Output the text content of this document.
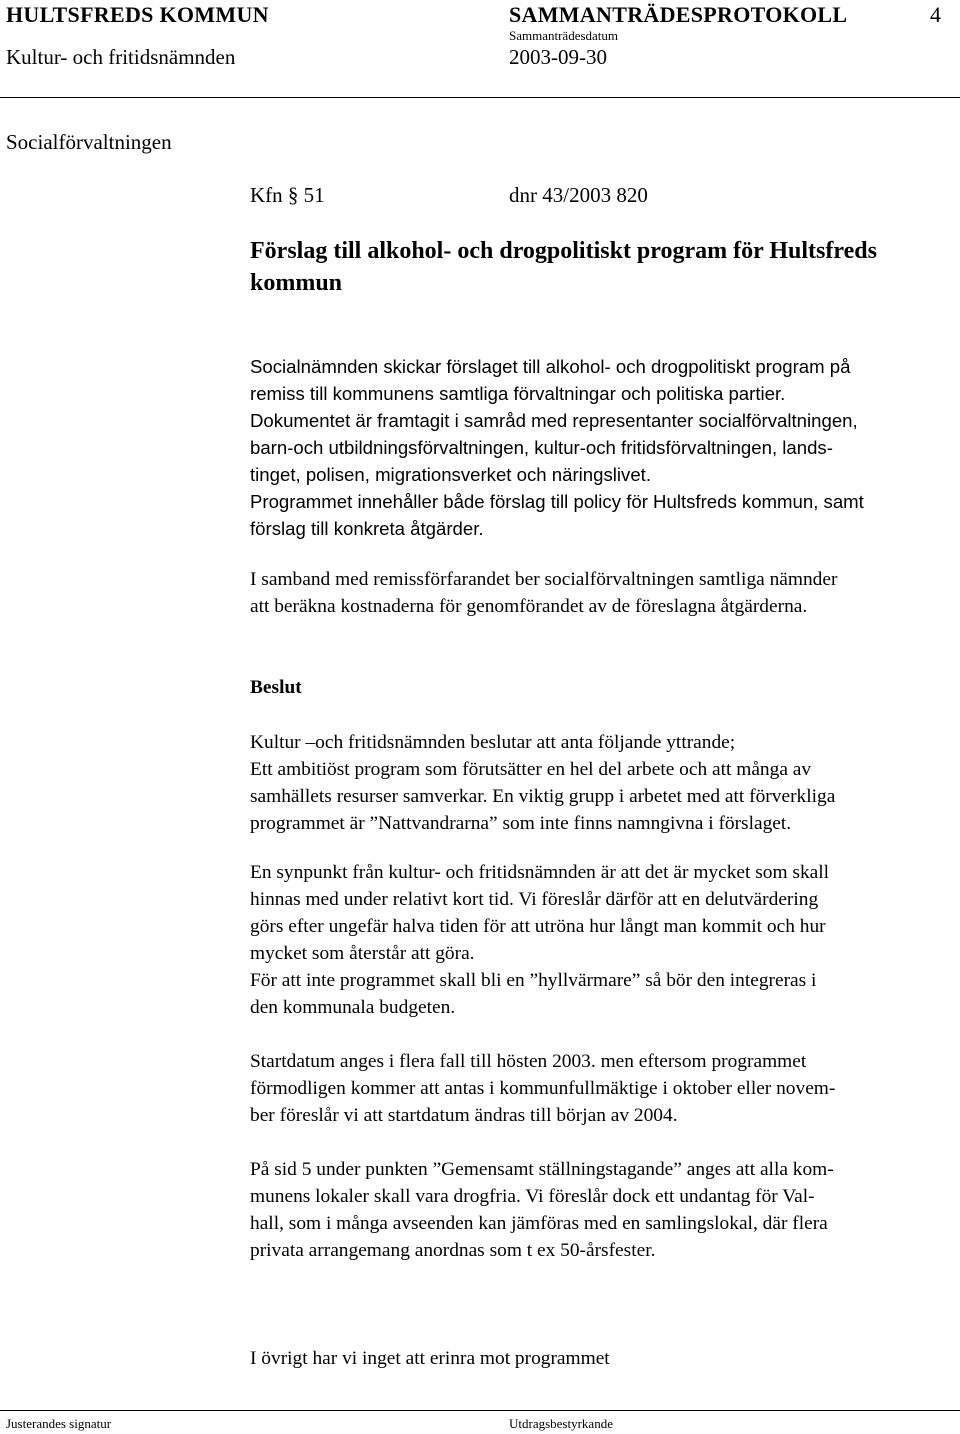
HULTSFREDS KOMMUN	SAMMANTRÄDESPROTOKOLL	4
Sammanträdesdatum
Kultur- och fritidsnämnden	2003-09-30
Socialförvaltningen
Kfn § 51	dnr 43/2003 820
Förslag till alkohol- och drogpolitiskt program för Hultsfreds
kommun
Socialnämnden skickar förslaget till alkohol- och drogpolitiskt program på
remiss till kommunens samtliga förvaltningar och politiska partier.
Dokumentet är framtagit i samråd med representanter socialförvaltningen,
barn-och utbildningsförvaltningen, kultur-och fritidsförvaltningen, lands-
tinget, polisen, migrationsverket och näringslivet.
Programmet innehåller både förslag till policy för Hultsfreds kommun, samt
förslag till konkreta åtgärder.
I samband med remissförfarandet ber socialförvaltningen samtliga nämnder
att beräkna kostnaderna för genomförandet av de föreslagna åtgärderna.
Beslut
Kultur –och fritidsnämnden beslutar att anta följande yttrande;
Ett ambitiöst program som förutsätter en hel del arbete och att många av
samhällets resurser samverkar. En viktig grupp i arbetet med att förverkliga
programmet är ”Nattvandrarna” som inte finns namngivna i förslaget.
En synpunkt från kultur- och fritidsnämnden är att det är mycket som skall
hinnas med under relativt kort tid. Vi föreslår därför att en delutvärdering
görs efter ungefär halva tiden för att utröna hur långt man kommit och hur
mycket som återstår att göra.
För att inte programmet skall bli en ”hyllvärmare” så bör den integreras i
den kommunala budgeten.
Startdatum anges i flera fall till hösten 2003. men eftersom programmet
förmodligen kommer att antas i kommunfullmäktige i oktober eller novem-
ber föreslår vi att startdatum ändras till början av 2004.
På sid 5 under punkten ”Gemensamt ställningstagande” anges att alla kom-
munens lokaler skall vara drogfria. Vi föreslår dock ett undantag för Val-
hall, som i många avseenden kan jämföras med en samlingslokal, där flera
privata arrangemang anordnas som t ex 50-årsfester.
I övrigt har vi inget att erinra mot programmet
Justerandes signatur	Utdragsbestyrkande
